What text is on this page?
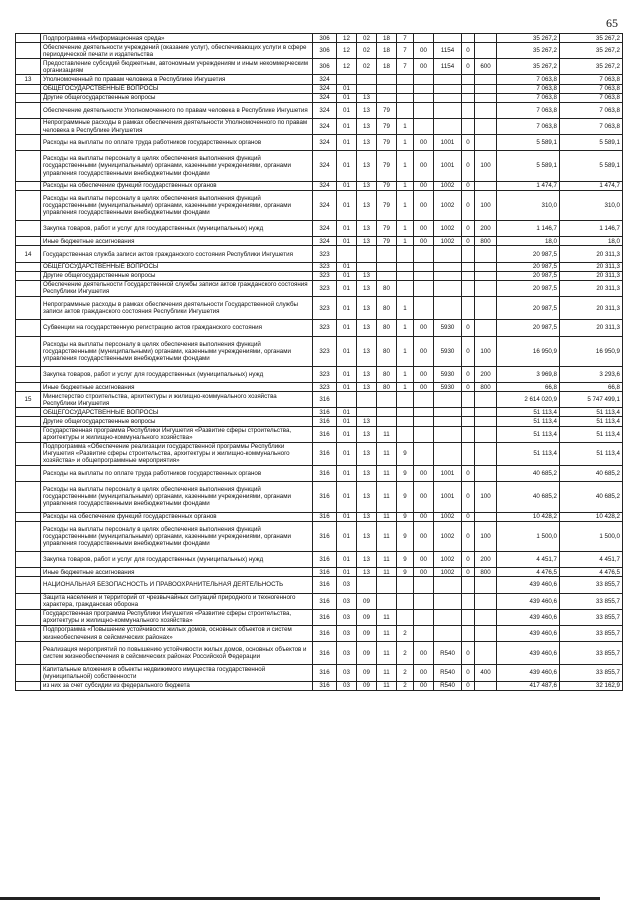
65
	Подпрограмма «Информационная среда»	306	12	02	18	7					35 267,2	35 267,2
	Обеспечение деятельности учреждений (оказание услуг), обеспечивающих услуги в сфере периодической печати и издательства	306	12	02	18	7	00	1154	0		35 267,2	35 267,2
	Предоставление субсидий бюджетным, автономным учреждениям и иным некоммерческим организациям	306	12	02	18	7	00	1154	0	600	35 267,2	35 267,2
13	Уполномоченный по правам человека в Республике Ингушетия	324									7 063,8	7 063,8
	ОБЩЕГОСУДАРСТВЕННЫЕ ВОПРОСЫ	324	01								7 063,8	7 063,8
	Другие общегосударственные вопросы	324	01	13							7 063,8	7 063,8
	Обеспечение деятельности Уполномоченного по правам человека в Республике Ингушетия	324	01	13	79						7 063,8	7 063,8
	Непрограммные расходы в рамках обеспечения деятельности Уполномоченного по правам человека в Республике Ингушетия	324	01	13	79	1					7 063,8	7 063,8
	Расходы на выплаты по оплате труда работников государственных органов	324	01	13	79	1	00	1001	0		5 589,1	5 589,1
	Расходы на выплаты персоналу в целях обеспечения выполнения функций государственными (муниципальными) органами, казенными учреждениями, органами управления государственными внебюджетными фондами	324	01	13	79	1	00	1001	0	100	5 589,1	5 589,1
	Расходы на обеспечение функций государственных органов	324	01	13	79	1	00	1002	0		1 474,7	1 474,7
	Расходы на выплаты персоналу в целях обеспечения выполнения функций государственными (муниципальными) органами, казенными учреждениями, органами управления государственными внебюджетными фондами	324	01	13	79	1	00	1002	0	100	310,0	310,0
	Закупка товаров, работ и услуг для государственных (муниципальных) нужд	324	01	13	79	1	00	1002	0	200	1 146,7	1 146,7
	Иные бюджетные ассигнования	324	01	13	79	1	00	1002	0	800	18,0	18,0
14	Государственная служба записи актов гражданского состояния Республики Ингушетия	323									20 987,5	20 311,3
	ОБЩЕГОСУДАРСТВЕННЫЕ ВОПРОСЫ	323	01								20 987,5	20 311,3
	Другие общегосударственные вопросы	323	01	13							20 987,5	20 311,3
	Обеспечение деятельности Государственной службы записи актов гражданского состояния Республики Ингушетия	323	01	13	80						20 987,5	20 311,3
	Непрограммные расходы в рамках обеспечения деятельности Государственной службы записи актов гражданского состояния Республики Ингушетия	323	01	13	80	1					20 987,5	20 311,3
	Субвенции на государственную регистрацию актов гражданского состояния	323	01	13	80	1	00	5930	0		20 987,5	20 311,3
	Расходы на выплаты персоналу в целях обеспечения выполнения функций государственными (муниципальными) органами, казенными учреждениями, органами управления государственными внебюджетными фондами	323	01	13	80	1	00	5930	0	100	16 950,9	16 950,9
	Закупка товаров, работ и услуг для государственных (муниципальных) нужд	323	01	13	80	1	00	5930	0	200	3 969,8	3 293,6
	Иные бюджетные ассигнования	323	01	13	80	1	00	5930	0	800	66,8	66,8
15	Министерство строительства, архитектуры и жилищно-коммунального хозяйства Республики Ингушетия	316									2 614 020,9	5 747 499,1
	ОБЩЕГОСУДАРСТВЕННЫЕ ВОПРОСЫ	316	01								51 113,4	51 113,4
	Другие общегосударственные вопросы	316	01	13							51 113,4	51 113,4
	Государственная программа Республики Ингушетия «Развитие сферы строительства, архитектуры и жилищно-коммунального хозяйства»	316	01	13	11						51 113,4	51 113,4
	Подпрограмма «Обеспечение реализации государственной программы Республики Ингушетия «Развитие сферы строительства, архитектуры и жилищно-коммунального хозяйства» и общепрограммные мероприятия»	316	01	13	11	9					51 113,4	51 113,4
	Расходы на выплаты по оплате труда работников государственных органов	316	01	13	11	9	00	1001	0		40 685,2	40 685,2
	Расходы на выплаты персоналу в целях обеспечения выполнения функций государственными (муниципальными) органами, казенными учреждениями, органами управления государственными внебюджетными фондами	316	01	13	11	9	00	1001	0	100	40 685,2	40 685,2
	Расходы на обеспечение функций государственных органов	316	01	13	11	9	00	1002	0		10 428,2	10 428,2
	Расходы на выплаты персоналу в целях обеспечения выполнения функций государственными (муниципальными) органами, казенными учреждениями, органами управления государственными внебюджетными фондами	316	01	13	11	9	00	1002	0	100	1 500,0	1 500,0
	Закупка товаров, работ и услуг для государственных (муниципальных) нужд	316	01	13	11	9	00	1002	0	200	4 451,7	4 451,7
	Иные бюджетные ассигнования	316	01	13	11	9	00	1002	0	800	4 476,5	4 476,5
	НАЦИОНАЛЬНАЯ БЕЗОПАСНОСТЬ И ПРАВООХРАНИТЕЛЬНАЯ ДЕЯТЕЛЬНОСТЬ	316	03								439 460,6	33 855,7
	Защита населения и территорий от чрезвычайных ситуаций природного и техногенного характера, гражданская оборона	316	03	09							439 460,6	33 855,7
	Государственная программа Республики Ингушетия «Развитие сферы строительства, архитектуры и жилищно-коммунального хозяйства»	316	03	09	11						439 460,6	33 855,7
	Подпрограмма «Повышение устойчивости жилых домов, основных объектов и систем жизнеобеспечения в сейсмических районах»	316	03	09	11	2					439 460,6	33 855,7
	Реализация мероприятий по повышению устойчивости жилых домов, основных объектов и систем жизнеобеспечения в сейсмических районах Российской Федерации	316	03	09	11	2	00	R540	0		439 460,6	33 855,7
	Капитальные вложения в объекты недвижимого имущества государственной (муниципальной) собственности	316	03	09	11	2	00	R540	0	400	439 460,6	33 855,7
	из них за счет субсидии из федерального бюджета	316	03	09	11	2	00	R540	0		417 487,6	32 162,9
